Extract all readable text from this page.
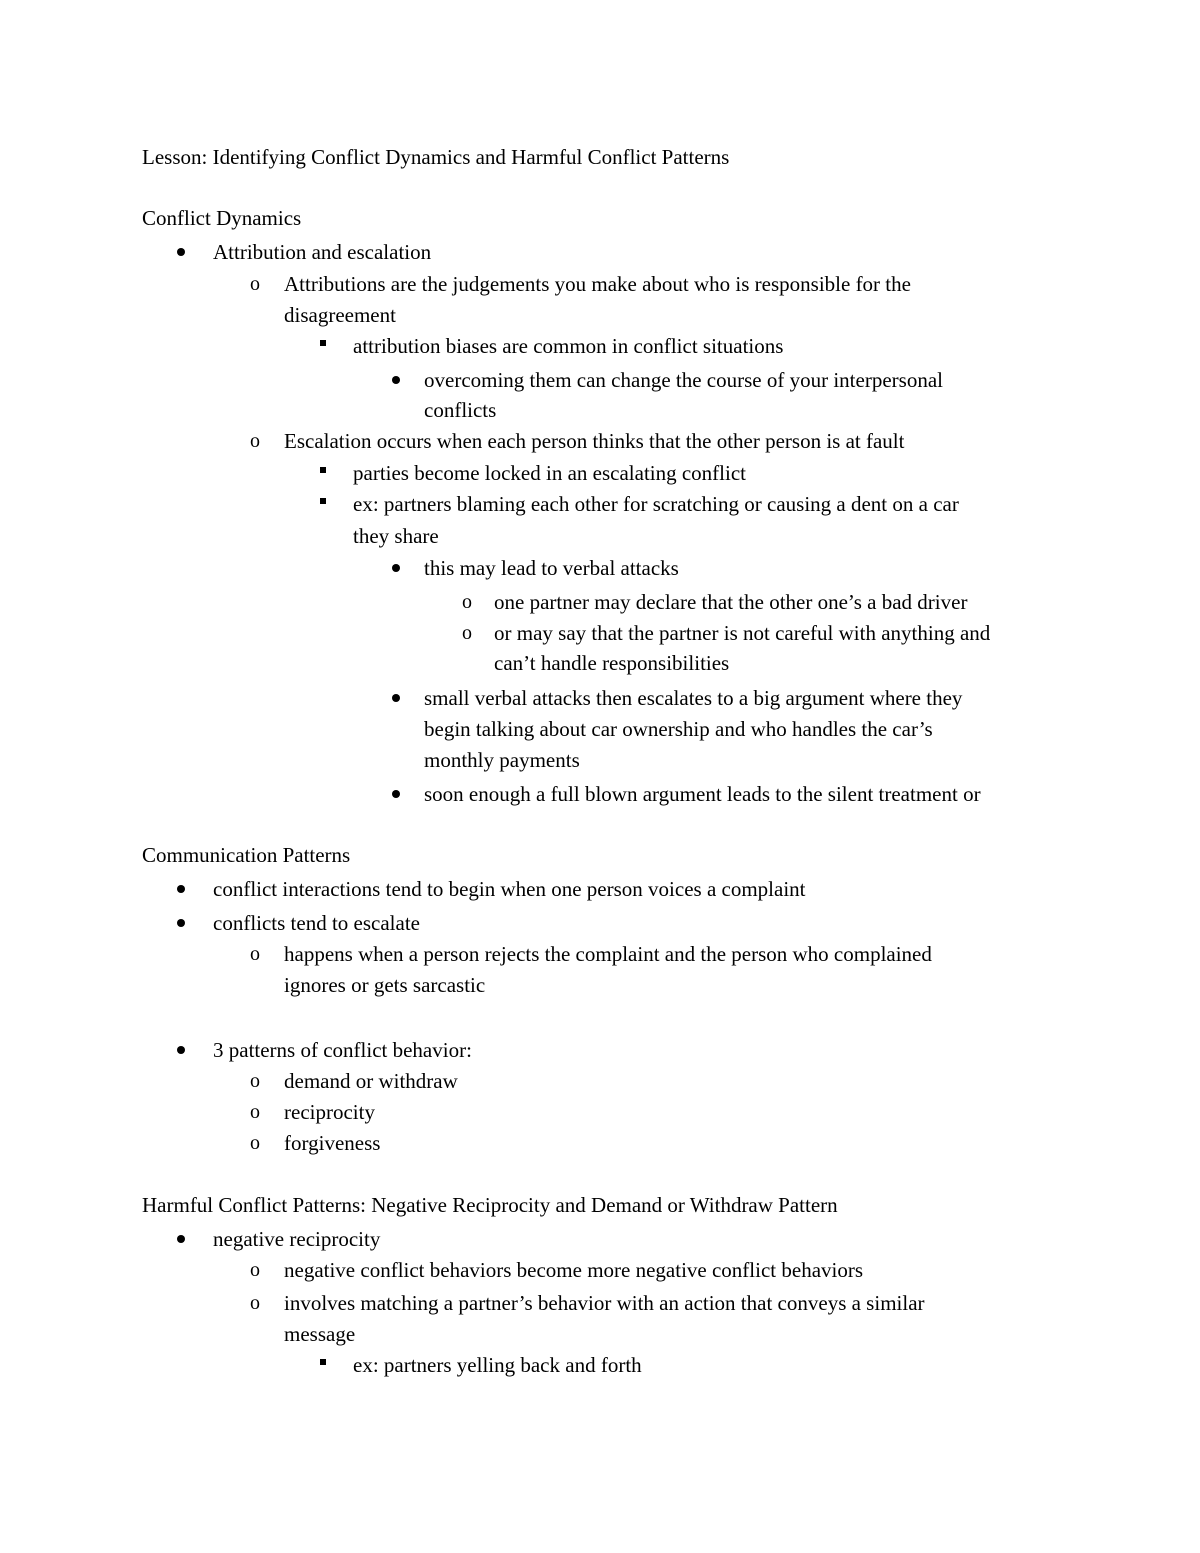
Lesson: Identifying Conflict Dynamics and Harmful Conflict Patterns
Conflict Dynamics
Attribution and escalation
o Attributions are the judgements you make about who is responsible for the
disagreement
attribution biases are common in conflict situations
overcoming them can change the course of your interpersonal
conflicts
o Escalation occurs when each person thinks that the other person is at fault
parties become locked in an escalating conflict
ex: partners blaming each other for scratching or causing a dent on a car
they share
this may lead to verbal attacks
o one partner may declare that the other one’s a bad driver
o or may say that the partner is not careful with anything and
can’t handle responsibilities
small verbal attacks then escalates to a big argument where they
begin talking about car ownership and who handles the car’s
monthly payments
soon enough a full blown argument leads to the silent treatment or
Communication Patterns
conflict interactions tend to begin when one person voices a complaint
conflicts tend to escalate
o happens when a person rejects the complaint and the person who complained
ignores or gets sarcastic
3 patterns of conflict behavior:
o demand or withdraw
o reciprocity
o forgiveness
Harmful Conflict Patterns: Negative Reciprocity and Demand or Withdraw Pattern
negative reciprocity
o negative conflict behaviors become more negative conflict behaviors
o involves matching a partner’s behavior with an action that conveys a similar
message
ex: partners yelling back and forth
